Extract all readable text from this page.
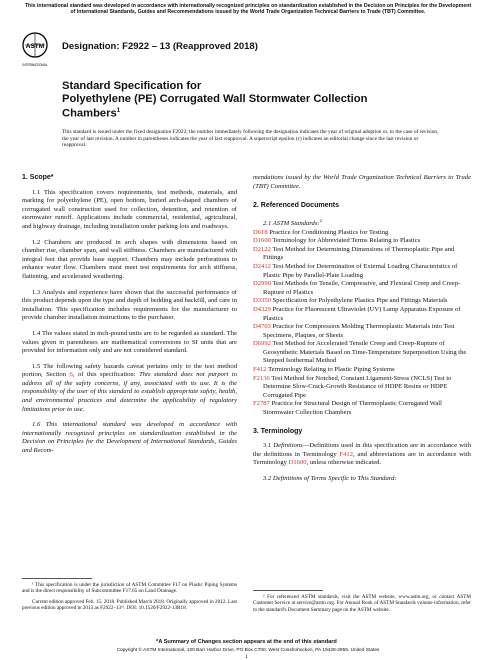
This international standard was developed in accordance with internationally recognized principles on standardization established in the Decision on Principles for the Development of International Standards, Guides and Recommendations issued by the World Trade Organization Technical Barriers to Trade (TBT) Committee.
ASTM
INTERNATIONAL
Designation: F2922 – 13 (Reapproved 2018)
Standard Specification for
Polyethylene (PE) Corrugated Wall Stormwater Collection
Chambers$^1$
This standard is issued under the fixed designation F2922; the number immediately following the designation indicates the year of original adoption or, in the case of revision, the year of last revision. A number in parentheses indicates the year of last reapproval. A superscript epsilon (ε) indicates an editorial change since the last revision or reapproval.
1. Scope*

1.1 This specification covers requirements, test methods, materials, and marking for polyethylene (PE), open bottom, buried arch-shaped chambers of corrugated wall construction used for collection, detention, and retention of stormwater runoff. Applications include commercial, residential, agricultural, and highway drainage, including installation under parking lots and roadways.

1.2 Chambers are produced in arch shapes with dimensions based on chamber rise, chamber span, and wall stiffness. Chambers are manufactured with integral feet that provide base support. Chambers may include perforations to enhance water flow. Chambers must meet test requirements for arch stiffness, flattening, and accelerated weathering.

1.3 Analysis and experience have shown that the successful performance of this product depends upon the type and depth of bedding and backfill, and care in installation. This specification includes requirements for the manufacturer to provide chamber installation instructions to the purchaser.

1.4 The values stated in inch-pound units are to be regarded as standard. The values given in parentheses are mathematical conversions to SI units that are provided for information only and are not considered standard.

1.5 The following safety hazards caveat pertains only to the test method portion, Section 6, of this specification: This standard does not purport to address all of the safety concerns, if any, associated with its use. It is the responsibility of the user of this standard to establish appropriate safety, health, and environmental practices and determine the applicability of regulatory limitations prior to use.

1.6 This international standard was developed in accordance with internationally recognized principles on standardization established in the Decision on Principles for the Development of International Standards, Guides and Recom-

¹ This specification is under the jurisdiction of ASTM Committee F17 on Plastic Piping Systems and is the direct responsibility of Subcommittee F17.65 on Land Drainage.

Current edition approved Feb. 15, 2018. Published March 2018. Originally approved in 2012. Last previous edition approved in 2013 as F2922–13ᵉ¹. DOI: 10.1520/F2922-13R18.

mendations issued by the World Trade Organization Technical Barriers to Trade (TBT) Committee.

2. Referenced Documents

2.1 ASTM Standards:$^2$

D618 Practice for Conditioning Plastics for Testing

D1600 Terminology for Abbreviated Terms Relating to Plastics

D2122 Test Method for Determining Dimensions of Thermoplastic Pipe and Fittings

D2412 Test Method for Determination of External Loading Characteristics of Plastic Pipe by Parallel-Plate Loading

D2990 Test Methods for Tensile, Compressive, and Flexural Creep and Creep-Rupture of Plastics

D3350 Specification for Polyethylene Plastics Pipe and Fittings Materials

D4329 Practice for Fluorescent Ultraviolet (UV) Lamp Apparatus Exposure of Plastics

D4703 Practice for Compression Molding Thermoplastic Materials into Test Specimens, Plaques, or Sheets

D6992 Test Method for Accelerated Tensile Creep and Creep-Rupture of Geosynthetic Materials Based on Time-Temperature Superposition Using the Stepped Isothermal Method

F412 Terminology Relating to Plastic Piping Systems

F2136 Test Method for Notched, Constant Ligament-Stress (NCLS) Test to Determine Slow-Crack-Growth Resistance of HDPE Resins or HDPE Corrugated Pipe

F2787 Practice for Structural Design of Thermoplastic Corrugated Wall Stormwater Collection Chambers

3. Terminology

3.1 Definitions—Definitions used in this specification are in accordance with the definitions in Terminology F412, and abbreviations are in accordance with Terminology D1600, unless otherwise indicated.

3.2 Definitions of Terms Specific to This Standard:

² For referenced ASTM standards, visit the ASTM website, www.astm.org, or contact ASTM Customer Service at service@astm.org. For Annual Book of ASTM Standards volume information, refer to the standard's Document Summary page on the ASTM website.

*A Summary of Changes section appears at the end of this standard
Copyright © ASTM International, 100 Barr Harbor Drive, PO Box C700, West Conshohocken, PA 19428-2959. United States
1
